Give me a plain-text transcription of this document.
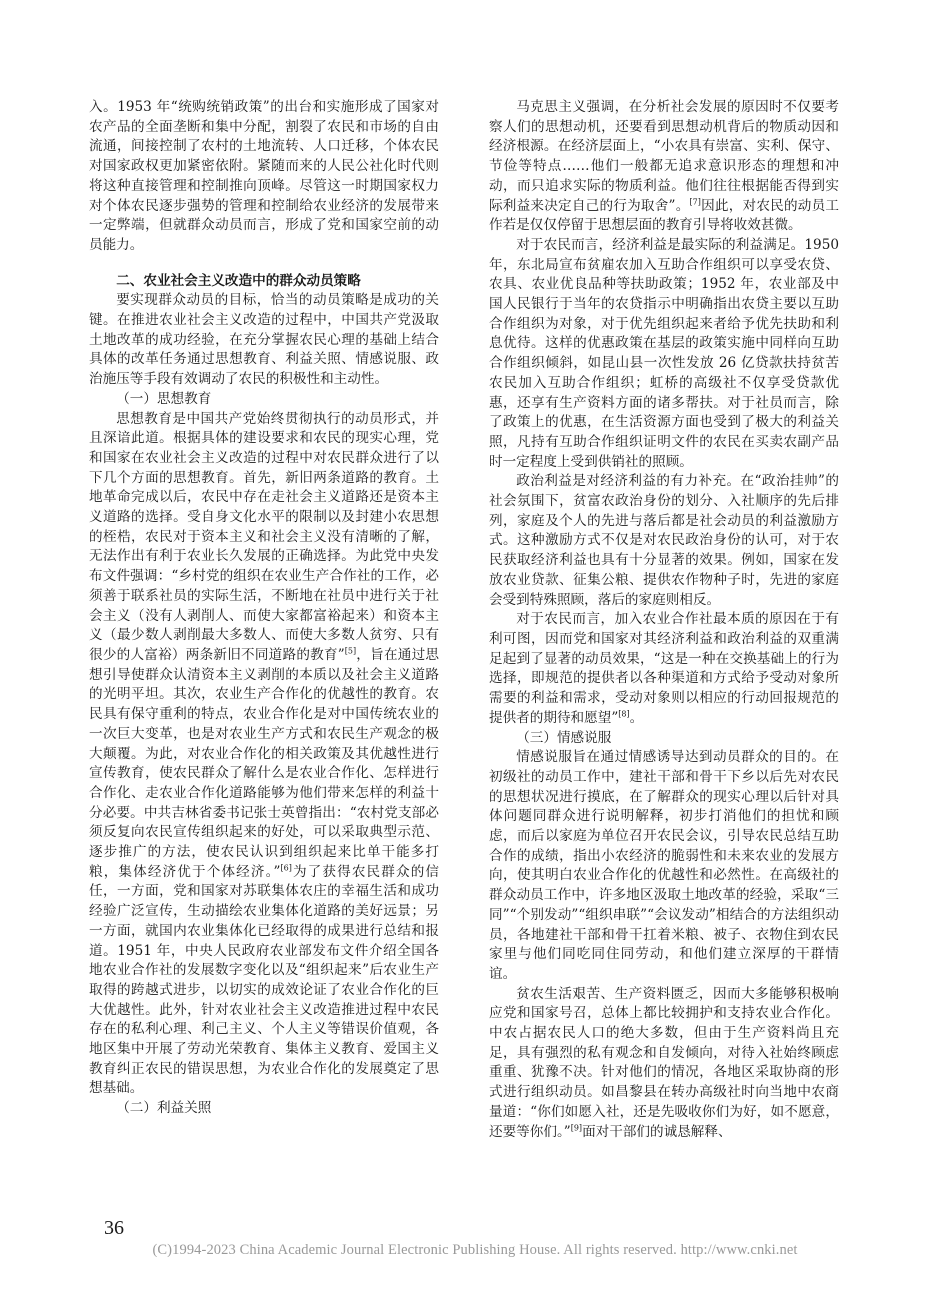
入。1953 年“统购统销政策”的出台和实施形成了国家对农产品的全面垄断和集中分配，割裂了农民和市场的自由流通，间接控制了农村的土地流转、人口迁移，个体农民对国家政权更加紧密依附。紧随而来的人民公社化时代则将这种直接管理和控制推向顶峰。尽管这一时期国家权力对个体农民逐步强势的管理和控制给农业经济的发展带来一定弊端，但就群众动员而言，形成了党和国家空前的动员能力。

二、农业社会主义改造中的群众动员策略

要实现群众动员的目标，恰当的动员策略是成功的关键。在推进农业社会主义改造的过程中，中国共产党汲取土地改革的成功经验，在充分掌握农民心理的基础上结合具体的改革任务通过思想教育、利益关照、情感说服、政治施压等手段有效调动了农民的积极性和主动性。

（一）思想教育

思想教育是中国共产党始终贯彻执行的动员形式，并且深谙此道。根据具体的建设要求和农民的现实心理，党和国家在农业社会主义改造的过程中对农民群众进行了以下几个方面的思想教育。首先，新旧两条道路的教育。土地革命完成以后，农民中存在走社会主义道路还是资本主义道路的选择。受自身文化水平的限制以及封建小农思想的桎梏，农民对于资本主义和社会主义没有清晰的了解，无法作出有利于农业长久发展的正确选择。为此党中央发布文件强调：“乡村党的组织在农业生产合作社的工作，必须善于联系社员的实际生活，不断地在社员中进行关于社会主义（没有人剥削人、而使大家都富裕起来）和资本主义（最少数人剥削最大多数人、而使大多数人贫穷、只有很少的人富裕）两条新旧不同道路的教育”[5]，旨在通过思想引导使群众认清资本主义剥削的本质以及社会主义道路的光明平坦。其次，农业生产合作化的优越性的教育。农民具有保守重利的特点，农业合作化是对中国传统农业的一次巨大变革，也是对农业生产方式和农民生产观念的极大颠覆。为此，对农业合作化的相关政策及其优越性进行宣传教育，使农民群众了解什么是农业合作化、怎样进行合作化、走农业合作化道路能够为他们带来怎样的利益十分必要。中共吉林省委书记张士英曾指出：“农村党支部必须反复向农民宣传组织起来的好处，可以采取典型示范、逐步推广的方法，使农民认识到组织起来比单干能多打粮，集体经济优于个体经济。”[6]为了获得农民群众的信任，一方面，党和国家对苏联集体农庄的幸福生活和成功经验广泛宣传，生动描绘农业集体化道路的美好远景；另一方面，就国内农业集体化已经取得的成果进行总结和报道。1951 年，中央人民政府农业部发布文件介绍全国各地农业合作社的发展数字变化以及“组织起来”后农业生产取得的跨越式进步，以切实的成效论证了农业合作化的巨大优越性。此外，针对农业社会主义改造推进过程中农民存在的私利心理、利己主义、个人主义等错误价值观，各地区集中开展了劳动光荣教育、集体主义教育、爱国主义教育纠正农民的错误思想，为农业合作化的发展奠定了思想基础。

（二）利益关照

马克思主义强调，在分析社会发展的原因时不仅要考察人们的思想动机，还要看到思想动机背后的物质动因和经济根源。在经济层面上，“小农具有崇富、实利、保守、节俭等特点……他们一般都无追求意识形态的理想和冲动，而只追求实际的物质利益。他们往往根据能否得到实际利益来决定自己的行为取舍”。[7]因此，对农民的动员工作若是仅仅停留于思想层面的教育引导将收效甚微。

对于农民而言，经济利益是最实际的利益满足。1950 年，东北局宣布贫雇农加入互助合作组织可以享受农贷、农具、农业优良品种等扶助政策；1952 年，农业部及中国人民银行于当年的农贷指示中明确指出农贷主要以互助合作组织为对象，对于优先组织起来者给予优先扶助和利息优待。这样的优惠政策在基层的政策实施中同样向互助合作组织倾斜，如昆山县一次性发放 26 亿贷款扶持贫苦农民加入互助合作组织；虹桥的高级社不仅享受贷款优惠，还享有生产资料方面的诸多帮扶。对于社员而言，除了政策上的优惠，在生活资源方面也受到了极大的利益关照，凡持有互助合作组织证明文件的农民在买卖农副产品时一定程度上受到供销社的照顾。

政治利益是对经济利益的有力补充。在“政治挂帅”的社会氛围下，贫富农政治身份的划分、入社顺序的先后排列，家庭及个人的先进与落后都是社会动员的利益激励方式。这种激励方式不仅是对农民政治身份的认可，对于农民获取经济利益也具有十分显著的效果。例如，国家在发放农业贷款、征集公粮、提供农作物种子时，先进的家庭会受到特殊照顾，落后的家庭则相反。

对于农民而言，加入农业合作社最本质的原因在于有利可图，因而党和国家对其经济利益和政治利益的双重满足起到了显著的动员效果，“这是一种在交换基础上的行为选择，即规范的提供者以各种渠道和方式给予受动对象所需要的利益和需求，受动对象则以相应的行动回报规范的提供者的期待和愿望”[8]。

（三）情感说服

情感说服旨在通过情感诱导达到动员群众的目的。在初级社的动员工作中，建社干部和骨干下乡以后先对农民的思想状况进行摸底，在了解群众的现实心理以后针对具体问题同群众进行说明解释，初步打消他们的担忧和顾虑，而后以家庭为单位召开农民会议，引导农民总结互助合作的成绩，指出小农经济的脆弱性和未来农业的发展方向，使其明白农业合作化的优越性和必然性。在高级社的群众动员工作中，许多地区汲取土地改革的经验，采取“三同”“个别发动”“组织串联”“会议发动”相结合的方法组织动员，各地建社干部和骨干扛着米粮、被子、衣物住到农民家里与他们同吃同住同劳动，和他们建立深厚的干群情谊。

贫农生活艰苦、生产资料匮乏，因而大多能够积极响应党和国家号召，总体上都比较拥护和支持农业合作化。中农占据农民人口的绝大多数，但由于生产资料尚且充足，具有强烈的私有观念和自发倾向，对待入社始终顾虑重重、犹豫不决。针对他们的情况，各地区采取协商的形式进行组织动员。如昌黎县在转办高级社时向当地中农商量道：“你们如愿入社，还是先吸收你们为好，如不愿意，还要等你们。”[9]面对干部们的诚恳解释、

36
(C)1994-2023 China Academic Journal Electronic Publishing House. All rights reserved. http://www.cnki.net
